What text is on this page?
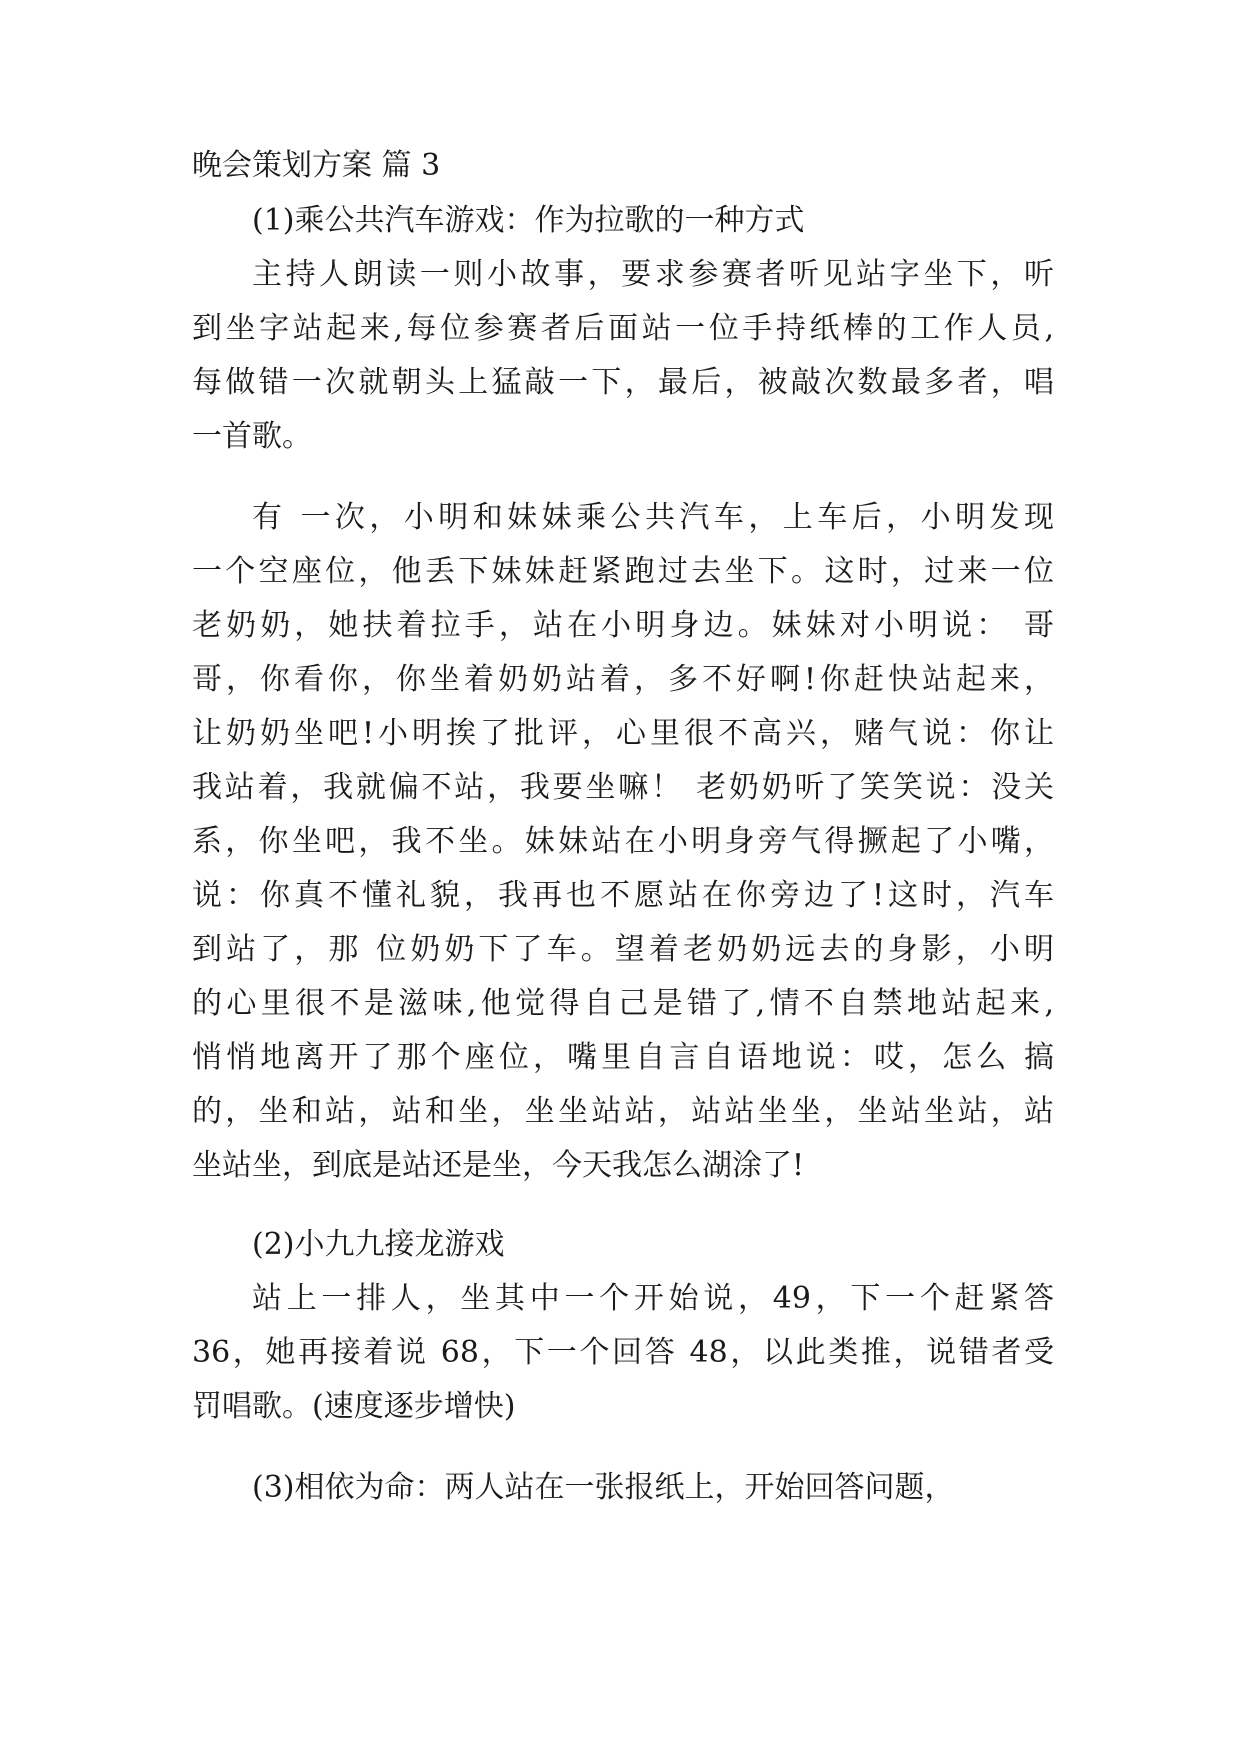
晚会策划方案 篇 3
(1)乘公共汽车游戏：作为拉歌的一种方式
主持人朗读一则小故事，要求参赛者听见站字坐下，听
到坐字站起来,每位参赛者后面站一位手持纸棒的工作人员,
每做错一次就朝头上猛敲一下，最后，被敲次数最多者，唱
一首歌。
有 一次，小明和妹妹乘公共汽车，上车后，小明发现
一个空座位，他丢下妹妹赶紧跑过去坐下。这时，过来一位
老奶奶，她扶着拉手，站在小明身边。妹妹对小明说： 哥
哥，你看你，你坐着奶奶站着，多不好啊!你赶快站起来，
让奶奶坐吧!小明挨了批评，心里很不高兴，赌气说：你让
我站着，我就偏不站，我要坐嘛！ 老奶奶听了笑笑说：没关
系，你坐吧，我不坐。妹妹站在小明身旁气得撅起了小嘴，
说：你真不懂礼貌，我再也不愿站在你旁边了!这时，汽车
到站了，那 位奶奶下了车。望着老奶奶远去的身影，小明
的心里很不是滋味,他觉得自己是错了,情不自禁地站起来,
悄悄地离开了那个座位，嘴里自言自语地说：哎，怎么 搞
的，坐和站，站和坐，坐坐站站，站站坐坐，坐站坐站，站
坐站坐，到底是站还是坐，今天我怎么湖涂了!
(2)小九九接龙游戏
站上一排人，坐其中一个开始说，49，下一个赶紧答
36，她再接着说 68，下一个回答 48，以此类推，说错者受
罚唱歌。(速度逐步增快)
(3)相依为命：两人站在一张报纸上，开始回答问题，
